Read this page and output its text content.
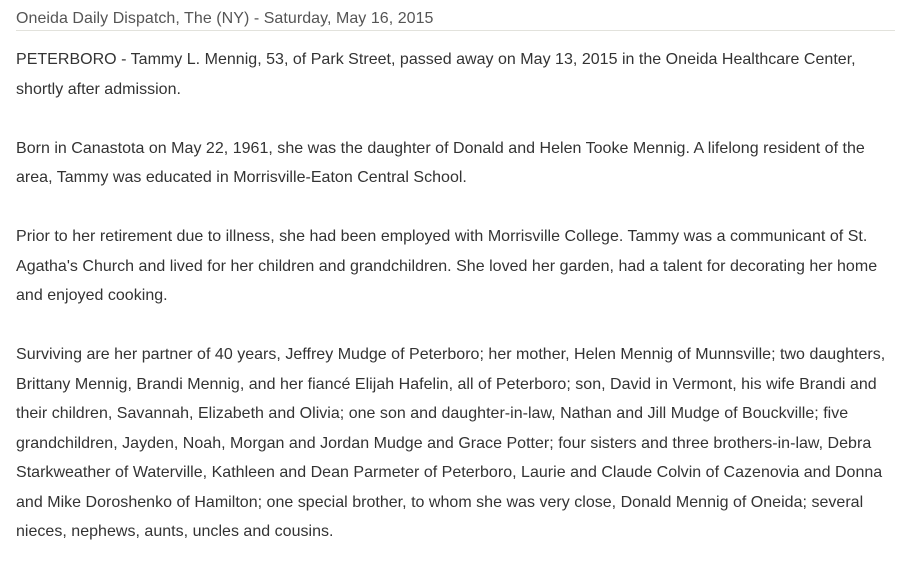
Oneida Daily Dispatch, The (NY) - Saturday, May 16, 2015

PETERBORO - Tammy L. Mennig, 53, of Park Street, passed away on May 13, 2015 in the Oneida Healthcare Center, shortly after admission.

Born in Canastota on May 22, 1961, she was the daughter of Donald and Helen Tooke Mennig. A lifelong resident of the area, Tammy was educated in Morrisville-Eaton Central School.

Prior to her retirement due to illness, she had been employed with Morrisville College. Tammy was a communicant of St. Agatha's Church and lived for her children and grandchildren. She loved her garden, had a talent for decorating her home and enjoyed cooking.

Surviving are her partner of 40 years, Jeffrey Mudge of Peterboro; her mother, Helen Mennig of Munnsville; two daughters, Brittany Mennig, Brandi Mennig, and her fiancé Elijah Hafelin, all of Peterboro; son, David in Vermont, his wife Brandi and their children, Savannah, Elizabeth and Olivia; one son and daughter-in-law, Nathan and Jill Mudge of Bouckville; five grandchildren, Jayden, Noah, Morgan and Jordan Mudge and Grace Potter; four sisters and three brothers-in-law, Debra Starkweather of Waterville, Kathleen and Dean Parmeter of Peterboro, Laurie and Claude Colvin of Cazenovia and Donna and Mike Doroshenko of Hamilton; one special brother, to whom she was very close, Donald Mennig of Oneida; several nieces, nephews, aunts, uncles and cousins.
